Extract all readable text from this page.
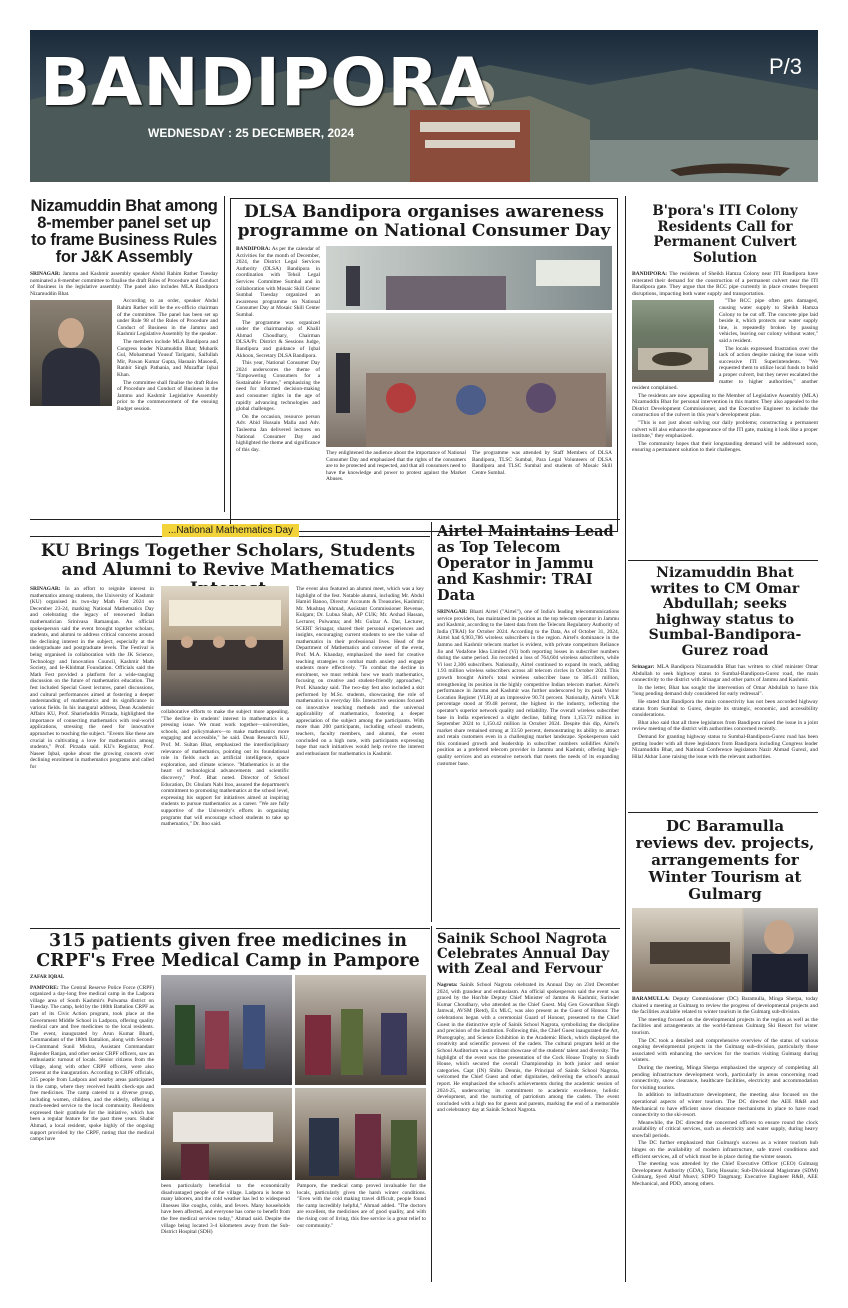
BANDIPORA
WEDNESDAY : 25 DECEMBER, 2024
P/3
Nizamuddin Bhat among 8-member panel set up to frame Business Rules for J&K Assembly

SRINAGAR: Jammu and Kashmir assembly speaker Abdul Rahim Rather Tuesday nominated a 8-member committee to finalise the draft Rules of Procedure and Conduct of Business in the legislative assembly. The panel also includes MLA Bandipora Nizamuddin Bhat.

According to an order, speaker Abdul Rahim Rather will be the ex-officio chairman of the committee. The panel has been set up under Rule 98 of the Rules of Procedure and Conduct of Business in the Jammu and Kashmir Legislative Assembly by the speaker.

The members include MLA Bandipora and Congress leader Nizamuddin Bhat; Mubarik Gul, Mohammad Yousuf Tarigami, Saifullah Mir, Pawan Kumar Gupta, Hasnain Masoodi, Ranbir Singh Pathania, and Muzaffar Iqbal Khan.

The committee shall finalise the draft Rules of Procedure and Conduct of Business in the Jammu and Kashmir Legislative Assembly prior to the commencement of the ensuing Budget session.

DLSA Bandipora organises awareness programme on National Consumer Day

BANDIPORA: As per the calendar of Activities for the month of December, 2024, the District Legal Services Authority (DLSA) Bandipora in coordination with Tehsil Legal Services Committee Sumbal and in collaboration with Mosaic Skill Center Sumbal Tuesday organized an awareness programme on National Consumer Day at Mosaic Skill Center Sumbal.

The programme was organized under the chairmanship of Khalil Ahmad Choudhary, Chairman DLSA/Pr. District & Sessions Judge, Bandipora and guidance of Iqbal Akhoon, Secretary DLSA Bandipora.

This year, National Consumer Day 2024 underscores the theme of "Empowering Consumers for a Sustainable Future," emphasizing the need for informed decision-making and consumer rights in the age of rapidly advancing technologies and global challenges.

On the occasion, resource person Adv. Abid Hussain Malla and Adv. Tasleema Jan delivered lectures on National Consumer Day and highlighted the theme and significance of this day.

They enlightened the audience about the importance of National Consumer Day and emphasized that the rights of the consumers are to be protected and respected, and that all consumers need to have the knowledge and power to protest against the Market Abuses.

The programme was attended by Staff Members of DLSA Bandipora, TLSC Sumbal, Para Legal Volunteers of DLSA Bandipora and TLSC Sumbal and students of Mosaic Skill Centre Sumbal.

B'pora's ITI Colony Residents Call for Permanent Culvert Solution

BANDIPORA: The residents of Sheikh Hamza Colony near ITI Bandipora have reiterated their demand for the construction of a permanent culvert near the ITI Bandipora gate. They argue that the RCC pipe currently in place creates frequent disruptions, impacting both water supply and transportation.

"The RCC pipe often gets damaged, causing water supply to Sheikh Hamza Colony to be cut off. The concrete pipe laid beside it, which protects our water supply line, is repeatedly broken by passing vehicles, leaving our colony without water," said a resident.

The locals expressed frustration over the lack of action despite raising the issue with successive ITI Superintendents. "We requested them to utilize local funds to build a proper culvert, but they never escalated the matter to higher authorities," another resident complained.

The residents are now appealing to the Member of Legislative Assembly (MLA) Nizamuddin Bhat for personal intervention in this matter. They also appealed to the District Development Commissioner, and the Executive Engineer to include the construction of the culvert in this year's development plan.

"This is not just about solving our daily problems; constructing a permanent culvert will also enhance the appearance of the ITI gate, making it look like a proper institute," they emphasized.

The community hopes that their longstanding demand will be addressed soon, ensuring a permanent solution to their challenges.

...National Mathematics Day
KU Brings Together Scholars, Students and Alumni to Revive Mathematics

SRINAGAR: In an effort to reignite interest in mathematics among students, the University of Kashmir (KU) organised its two-day Math Fest 2024 on December 23-24, marking National Mathematics Day and celebrating the legacy of renowned Indian mathematician Srinivasa Ramanujan. An official spokesperson said the event brought together scholars, students, and alumni to address critical concerns around the declining interest in the subject, especially at the undergraduate and postgraduate levels. The Festival is being organised in collaboration with the JK Science, Technology and Innovation Council, Kashmir Math Society, and Ie-Khidmat Foundation. Officials said the Math Fest provided a platform for a wide-ranging discussion on the future of mathematics education. The fest included Special Guest lectures, panel discussions, and cultural performances aimed at fostering a deeper understanding of mathematics and its significance in various fields. In his inaugural address, Dean Academic Affairs KU, Prof. Shariefuddin Pirzada, highlighted the importance of connecting mathematics with real-world applications, stressing the need for innovative approaches to teaching the subject. "Events like these are crucial in cultivating a love for mathematics among students," Prof. Pirzada said. KU's Registrar, Prof. Naseer Iqbal, spoke about the growing concern over declining enrolment in mathematics programs and called for

collaborative efforts to make the subject more appealing. "The decline in students' interest in mathematics is a pressing issue. We must work together—universities, schools, and policymakers—to make mathematics more engaging and accessible," he said. Dean Research KU, Prof. M. Sultan Bhat, emphasized the interdisciplinary relevance of mathematics, pointing out its foundational role in fields such as artificial intelligence, space exploration, and climate science. "Mathematics is at the heart of technological advancements and scientific discovery," Prof. Bhat noted. Director of School Education, Dr. Ghulam Nabi Itoo, assured the department's commitment to promoting mathematics at the school level, expressing his support for initiatives aimed at inspiring students to pursue mathematics as a career. "We are fully supportive of the University's efforts in organising programs that will encourage school students to take up mathematics," Dr. Itoo said.

The event also featured an alumni meet, which was a key highlight of the fest. Notable alumni, including Mr. Abdul Hamid Banoo, Director Accounts & Treasuries, Kashmir; Mr. Mushtaq Ahmad, Assistant Commissioner Revenue, Kulgam; Dr. Lubna Shah, AP CUK; Mr. Arshad Hassan, Lecturer, Pulwama; and Mr. Gulzar A. Dar, Lecturer, SCERT Srinagar, shared their personal experiences and insights, encouraging current students to see the value of mathematics in their professional lives. Head of the Department of Mathematics and convener of the event, Prof. M.A. Khanday, emphasized the need for creative teaching strategies to combat math anxiety and engage students more effectively. "To combat the decline in enrolment, we must rethink how we teach mathematics, focusing on creative and student-friendly approaches," Prof. Khanday said. The two-day fest also included a skit performed by M.Sc. students, showcasing the role of mathematics in everyday life. Interactive sessions focused on innovative teaching methods and the universal applicability of mathematics, fostering a deeper appreciation of the subject among the participants. With more than 200 participants, including school students, teachers, faculty members, and alumni, the event concluded on a high note, with participants expressing hope that such initiatives would help revive the interest and enthusiasm for mathematics in Kashmir.

Airtel Maintains Lead as Top Telecom Operator in Jammu and Kashmir: TRAI Data

SRINAGAR: Bharti Airtel ("Airtel"), one of India's leading telecommunications service providers, has maintained its position as the top telecom operator in Jammu and Kashmir, according to the latest data from the Telecom Regulatory Authority of India (TRAI) for October 2024. According to the Data, As of October 31, 2024, Airtel had 6,903,786 wireless subscribers in the region. Airtel's dominance in the Jammu and Kashmir telecom market is evident, with private competitors Reliance Jio and Vodafone Idea Limited (Vi) both reporting losses in subscriber numbers during the same period. Jio recorded a loss of 764,604 wireless subscribers, while Vi lost 2,306 subscribers. Nationally, Airtel continued to expand its reach, adding 1.93 million wireless subscribers across all telecom circles in October 2024. This growth brought Airtel's total wireless subscriber base to 385.41 million, strengthening its position in the highly competitive Indian telecom market. Airtel's performance in Jammu and Kashmir was further underscored by its peak Visitor Location Register (VLR) at an impressive 90.74 percent. Nationally, Airtel's VLR percentage stood at 99.48 percent, the highest in the industry, reflecting the operator's superior network quality and reliability. The overall wireless subscriber base in India experienced a slight decline, falling from 1,153.72 million in September 2024 to 1,150.42 million in October 2024. Despite this dip, Airtel's market share remained strong at 33.50 percent, demonstrating its ability to attract and retain customers even in a challenging market landscape. Spokesperson said this continued growth and leadership in subscriber numbers solidifies Airtel's position as a preferred telecom provider in Jammu and Kashmir, offering high-quality services and an extensive network that meets the needs of its expanding customer base.

Nizamuddin Bhat writes to CM Omar Abdullah; seeks highway status to Sumbal-Bandipora-Gurez road

Srinagar: MLA Bandipora Nizamuddin Bhat has written to chief minister Omar Abdullah to seek highway status to Sumbal-Bandipora-Gurez road, the main connectivity to the district with Srinagar and other parts of Jammu and Kashmir.

In the letter, Bhat has sought the intervention of Omar Abdullah to have this "long pending demand duly considered for early redressal".

He stated that Bandipora the main connectivity has not been accorded highway status from Sumbal to Gurez, despite its strategic, economic, and accessibility considerations.

Bhat also said that all three legislators from Bandipora raised the issue in a joint review meeting of the district with authorities concerned recently.

Demand for granting highway status to Sumbal-Bandipora-Gurez road has been getting louder with all three legislators from Bandipora including Congress leader Nizamuddin Bhat, and National Conference legislators Nazir Ahmad Gurezi, and Hilal Akbar Lone raising the issue with the relevant authorities.

DC Baramulla reviews dev. projects, arrangements for Winter Tourism at Gulmarg

BARAMULLA: Deputy Commissioner (DC) Baramulla, Minga Sherpa, today chaired a meeting at Gulmarg to review the progress of developmental projects and the facilities available related to winter tourism in the Gulmarg sub-division.

The meeting focused on the developmental projects in the region as well as the facilities and arrangements at the world-famous Gulmarg Ski Resort for winter tourism.

The DC took a detailed and comprehensive overview of the status of various ongoing developmental projects in the Gulmarg sub-division, particularly those associated with enhancing the services for the tourists visiting Gulmarg during winters.

During the meeting, Minga Sherpa emphasized the urgency of completing all pending infrastructure development work, particularly in areas concerning road connectivity, snow clearance, healthcare facilities, electricity and accommodation for visiting tourists.

In addition to infrastructure development, the meeting also focused on the operational aspects of winter tourism. The DC directed the AEE R&B and Mechanical to have efficient snow clearance mechanisms in place to have road connectivity to the ski-resort.

Meanwhile, the DC directed the concerned officers to ensure round the clock availability of critical services, such as electricity and water supply, during heavy snowfall periods.

The DC further emphasized that Gulmarg's success as a winter tourism hub hinges on the availability of modern infrastructure, safe travel conditions and efficient services, all of which must be in place during the winter season.

The meeting was attended by the Chief Executive Officer (CEO) Gulmarg Development Authority (GDA), Tariq Hussain; Sub-Divisional Magistrate (SDM) Gulmarg, Syed Altaf Musvi; SDPO Tangmarg; Executive Engineer R&B, AEE Mechanical, and PDD, among others.

315 patients given free medicines in CRPF's Free Medical Camp in Pampore
ZAFAR IQBAL

PAMPORE: The Central Reserve Police Force (CRPF) organized a day-long free medical camp in the Ladpora village area of South Kashmir's Pulwama district on Tuesday. The camp, held by the 180th Battalion CRPF as part of its Civic Action program, took place at the Government Middle School in Ladpora, offering quality medical care and free medicines to the local residents. The event, inaugurated by Arun Kumar Bharti, Commandant of the 180th Battalion, along with Second-in-Command Sunil Mishra, Assistant Commandant Rajender Ranjan, and other senior CRPF officers, saw an enthusiastic turnout of locals. Senior citizens from the village, along with other CRPF officers, were also present at the inauguration. According to CRPF officials, 315 people from Ladpora and nearby areas participated in the camp, where they received health check-ups and free medicines. The camp catered to a diverse group, including women, children, and the elderly, offering a much-needed service to the local community. Residents expressed their gratitude for the initiative, which has been a regular feature for the past three years. Shabir Ahmad, a local resident, spoke highly of the ongoing support provided by the CRPF, noting that the medical camps have

been particularly beneficial to the economically disadvantaged people of the village. Ladpora is home to many laborers, and the cold weather has led to widespread illnesses like coughs, colds, and fevers. Many households have been affected, and everyone has come to benefit from the free medical services today," Ahmad said. Despite the village being located 3-4 kilometers away from the Sub-District Hospital (SDH)

Pampore, the medical camp proved invaluable for the locals, particularly given the harsh winter conditions. "Even with the cold making travel difficult, people found the camp incredibly helpful," Ahmad added. "The doctors are excellent, the medicines are of good quality, and with the rising cost of living, this free service is a great relief to our community."

Sainik School Nagrota Celebrates Annual Day with Zeal and Fervour

Nagrota: Sainik School Nagrota celebrated its Annual Day on 23rd December 2024, with grandeur and enthusiasm. An official spokesperson said the event was graced by the Hon'ble Deputy Chief Minister of Jammu & Kashmir, Surinder Kumar Choudhary, who attended as the Chief Guest. Maj Gen Gowardhan Singh Jamwal, AVSM (Retd), Ex MLC, was also present as the Guest of Honour. The celebrations began with a ceremonial Guard of Honour, presented to the Chief Guest in the distinctive style of Sainik School Nagrota, symbolizing the discipline and precision of the institution. Following this, the Chief Guest inaugurated the Art, Photography, and Science Exhibition in the Academic Block, which displayed the creativity and scientific prowess of the cadets. The cultural program held at the School Auditorium was a vibrant showcase of the students' talent and diversity. The highlight of the event was the presentation of the Cock House Trophy to Sindh House, which secured the overall Championship in both junior and senior categories. Capt (IN) Shibu Dennis, the Principal of Sainik School Nagrota, welcomed the Chief Guest and other dignitaries, delivering the school's annual report. He emphasized the school's achievements during the academic session of 2024-25, underscoring its commitment to academic excellence, holistic development, and the nurturing of patriotism among the cadets. The event concluded with a high tea for guests and parents, marking the end of a memorable and celebratory day at Sainik School Nagrota.
